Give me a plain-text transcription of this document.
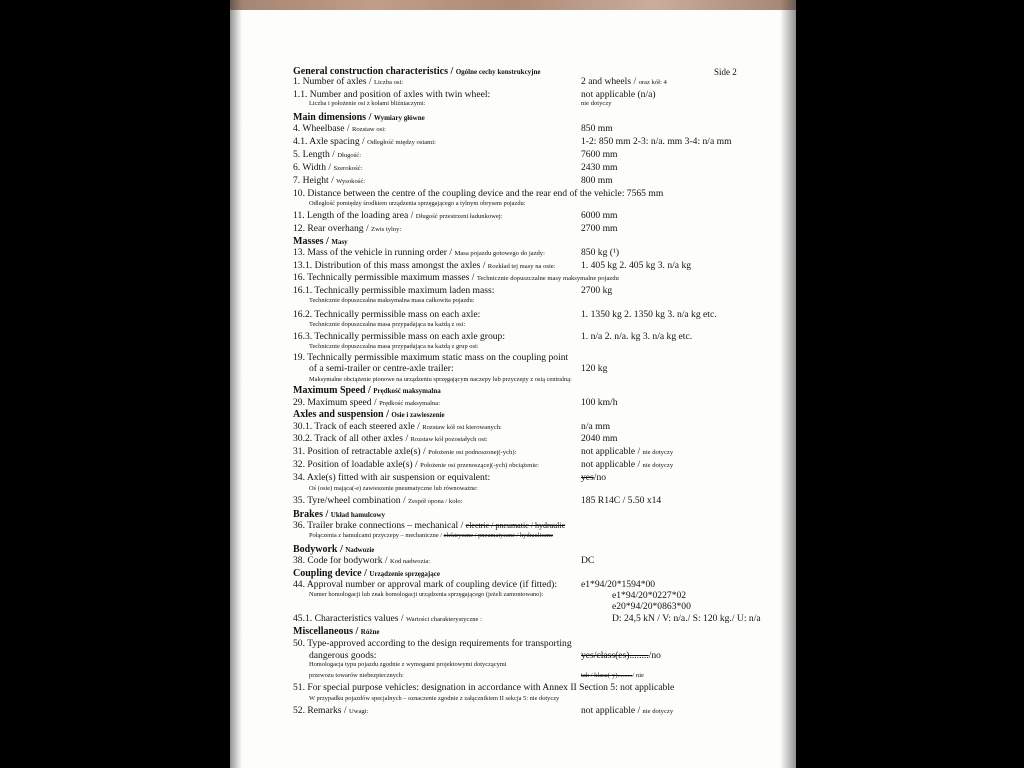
Side 2
General construction characteristics / Ogólne cechy konstrukcyjne
1. Number of axles / Liczba osi:	2 and wheels / oraz kół: 4
1.1. Number and position of axles with twin wheel:	not applicable (n/a)
Liczba i położenie osi z kołami bliźniaczymi:	nie dotyczy
Main dimensions / Wymiary główne
4. Wheelbase / Rozstaw osi:	850 mm
4.1. Axle spacing / Odległość między osiami:	1-2: 850 mm 2-3: n/a. mm 3-4: n/a mm
5. Length / Długość:	7600 mm
6. Width / Szerokość:	2430 mm
7. Height / Wysokość:	800 mm
10. Distance between the centre of the coupling device and the rear end of the vehicle: 7565 mm
Odległość pomiędzy środkiem urządzenia sprzęgającego a tylnym obrysem pojazdu:
11. Length of the loading area / Długość przestrzeni ładunkowej:	6000 mm
12. Rear overhang / Zwis tylny:	2700 mm
Masses / Masy
13. Mass of the vehicle in running order / Masa pojazdu gotowego do jazdy:	850 kg (¹)
13.1. Distribution of this mass amongst the axles / Rozkład tej masy na osie:	1. 405 kg 2. 405 kg 3. n/a kg
16. Technically permissible maximum masses / Technicznie dopuszczalne masy maksymalne pojazdu
16.1. Technically permissible maximum laden mass:	2700 kg
Technicznie dopuszczalna maksymalna masa całkowita pojazdu:
16.2. Technically permissible mass on each axle:	1. 1350 kg 2. 1350 kg 3. n/a kg etc.
Technicznie dopuszczalna masa przypadająca na każdą z osi:
16.3. Technically permissible mass on each axle group:	1. n/a 2. n/a. kg 3. n/a kg etc.
Technicznie dopuszczalna masa przypadająca na każdą z grup osi:
19. Technically permissible maximum static mass on the coupling point
of a semi-trailer or centre-axle trailer:	120 kg
Maksymalne obciążenie pionowe na urządzeniu sprzęgającym naczepy lub przyczepy z osią centralną:
Maximum Speed / Prędkość maksymalna
29. Maximum speed / Prędkość maksymalna:	100 km/h
Axles and suspension / Osie i zawieszenie
30.1. Track of each steered axle / Rozstaw kół osi kierowanych:	n/a mm
30.2. Track of all other axles / Rozstaw kół pozostałych osi:	2040 mm
31. Position of retractable axle(s) / Położenie osi podnoszonej(-ych):	not applicable / nie dotyczy
32. Position of loadable axle(s) / Położenie osi przenoszącej(-ych) obciążenie:	not applicable / nie dotyczy
34. Axle(s) fitted with air suspension or equivalent:	yes/no
Oś (osie) mająca(-e) zawieszenie pneumatyczne lub równoważne:
35. Tyre/wheel combination / Zespół opona / koło:	185 R14C / 5.50 x14
Brakes / Układ hamulcowy
36. Trailer brake connections – mechanical / electric / pneumatic / hydraulic
Połączenia z hamulcami przyczepy – mechaniczne / elektryczne / pneumatyczne / hydrauliczne
Bodywork / Nadwozie
38. Code for bodywork / Kod nadwozia:	DC
Coupling device / Urządzenie sprzęgające
44. Approval number or approval mark of coupling device (if fitted): e1*94/20*1594*00
Numer homologacji lub znak homologacji urządzenia sprzęgającego (jeżeli zamontowano):	e1*94/20*0227*02
e20*94/20*0863*00
45.1. Characteristics values / Wartości charakterystyczne :	D: 24,5 kN / V: n/a./ S: 120 kg./ U: n/a
Miscellaneous / Różne
50. Type-approved according to the design requirements for transporting
dangerous goods:	yes/class(es)......../no
Homologacja typu pojazdu zgodnie z wymogami projektowymi dotyczącymi
przewozu towarów niebezpiecznych:	tak / klasa(-y)........./ nie
51. For special purpose vehicles: designation in accordance with Annex II Section 5: not applicable
W przypadku pojazdów specjalnych – oznaczenie zgodnie z załącznikiem II sekcja 5: nie dotyczy
52. Remarks / Uwagi:	not applicable / nie dotyczy
